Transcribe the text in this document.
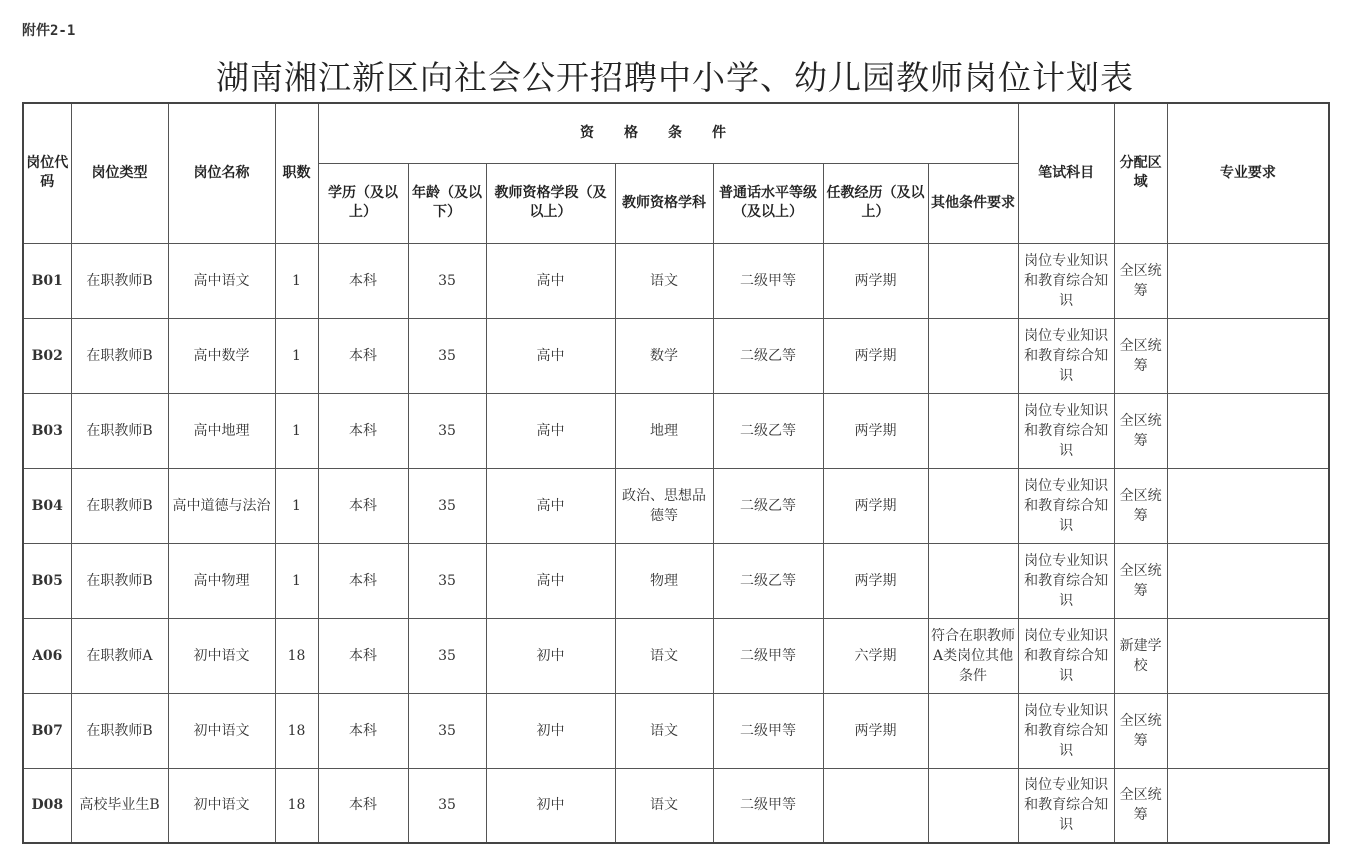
附件2-1
湖南湘江新区向社会公开招聘中小学、幼儿园教师岗位计划表
岗位代码	岗位类型	岗位名称	职数	资格条件							笔试科目	分配区域	专业要求
				学历（及以上）	年龄（及以下）	教师资格学段（及以上）	教师资格学科	普通话水平等级（及以上）	任教经历（及以上）	其他条件要求			
B01	在职教师B	高中语文	1	本科	35	高中	语文	二级甲等	两学期		岗位专业知识和教育综合知识	全区统筹	
B02	在职教师B	高中数学	1	本科	35	高中	数学	二级乙等	两学期		岗位专业知识和教育综合知识	全区统筹	
B03	在职教师B	高中地理	1	本科	35	高中	地理	二级乙等	两学期		岗位专业知识和教育综合知识	全区统筹	
B04	在职教师B	高中道德与法治	1	本科	35	高中	政治、思想品德等	二级乙等	两学期		岗位专业知识和教育综合知识	全区统筹	
B05	在职教师B	高中物理	1	本科	35	高中	物理	二级乙等	两学期		岗位专业知识和教育综合知识	全区统筹	
A06	在职教师A	初中语文	18	本科	35	初中	语文	二级甲等	六学期	符合在职教师A类岗位其他条件	岗位专业知识和教育综合知识	新建学校	
B07	在职教师B	初中语文	18	本科	35	初中	语文	二级甲等	两学期		岗位专业知识和教育综合知识	全区统筹	
D08	高校毕业生B	初中语文	18	本科	35	初中	语文	二级甲等			岗位专业知识和教育综合知识	全区统筹	
